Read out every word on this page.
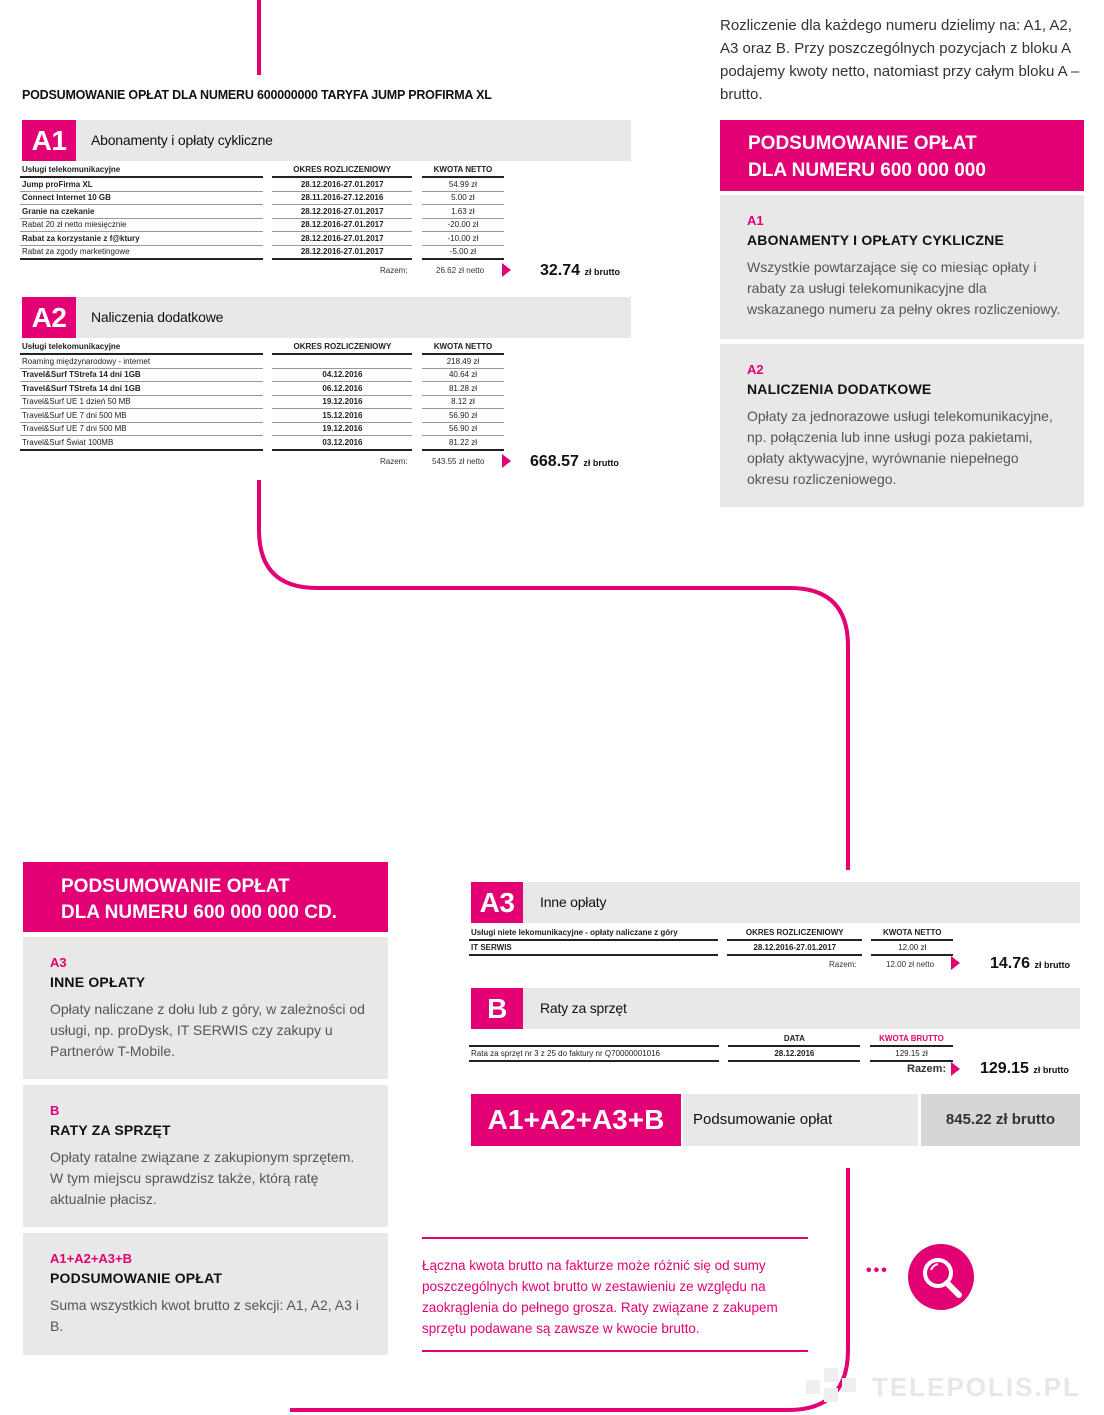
Rozliczenie dla każdego numeru dzielimy na: A1, A2, A3 oraz B. Przy poszczególnych pozycjach z bloku A podajemy kwoty netto, natomiast przy całym bloku A – brutto.
PODSUMOWANIE OPŁAT DLA NUMERU 600000000 TARYFA JUMP PROFIRMA XL
A1	Abonamenty i opłaty cykliczne
Usługi telekomunikacyjne		OKRES ROZLICZENIOWY		KWOTA NETTO
Jump proFirma XL		28.12.2016-27.01.2017		54.99 zł
Connect Internet 10 GB		28.11.2016-27.12.2016		5.00 zł
Granie na czekanie		28.12.2016-27.01.2017		1.63 zł
Rabat 20 zł netto miesięcznie		28.12.2016-27.01.2017		-20.00 zł
Rabat za korzystanie z f@ktury		28.12.2016-27.01.2017		-10.00 zł
Rabat za zgody marketingowe		28.12.2016-27.01.2017		-5.00 zł
Razem:	26.62 zł netto	32.74 zł brutto
A2	Naliczenia dodatkowe
Usługi telekomunikacyjne		OKRES ROZLICZENIOWY		KWOTA NETTO
Roaming międzynarodowy - internet				218.49 zł
Travel&Surf TStrefa 14 dni 1GB		04.12.2016		40.64 zł
Travel&Surf TStrefa 14 dni 1GB		06.12.2016		81.28 zł
Travel&Surf UE 1 dzień 50 MB		19.12.2016		8.12 zł
Travel&Surf UE 7 dni 500 MB		15.12.2016		56.90 zł
Travel&Surf UE 7 dni 500 MB		19.12.2016		56.90 zł
Travel&Surf Świat 100MB		03.12.2016		81.22 zł
Razem:	543.55 zł netto	668.57 zł brutto
PODSUMOWANIE OPŁAT
DLA NUMERU 600 000 000
A1
ABONAMENTY I OPŁATY CYKLICZNE
Wszystkie powtarzające się co miesiąc opłaty i rabaty za usługi telekomunikacyjne dla wskazanego numeru za pełny okres rozliczeniowy.
A2
NALICZENIA DODATKOWE
Opłaty za jednorazowe usługi telekomunikacyjne, np. połączenia lub inne usługi poza pakietami, opłaty aktywacyjne, wyrównanie niepełnego okresu rozliczeniowego.
PODSUMOWANIE OPŁAT
DLA NUMERU 600 000 000 CD.
A3
INNE OPŁATY
Opłaty naliczane z dołu lub z góry, w zależności od usługi, np. proDysk, IT SERWIS czy zakupy u Partnerów T-Mobile.
B
RATY ZA SPRZĘT
Opłaty ratalne związane z zakupionym sprzętem. W tym miejscu sprawdzisz także, którą ratę aktualnie płacisz.
A1+A2+A3+B
PODSUMOWANIE OPŁAT
Suma wszystkich kwot brutto z sekcji: A1, A2, A3 i B.
A3	Inne opłaty
Usługi niete lekomunikacyjne - opłaty naliczane z góry		OKRES ROZLICZENIOWY		KWOTA NETTO
IT SERWIS		28.12.2016-27.01.2017		12.00 zł
Razem:	12.00 zł netto	14.76 zł brutto
B	Raty za sprzęt
		DATA		KWOTA BRUTTO
Rata za sprzęt nr 3 z 25 do faktury nr Q70000001016		28.12.2016		129.15 zł
Razem: 129.15 zł brutto
A1+A2+A3+B	Podsumowanie opłat	845.22 zł brutto
Łączna kwota brutto na fakturze może różnić się od sumy poszczególnych kwot brutto w zestawieniu ze względu na zaokrąglenia do pełnego grosza. Raty związane z zakupem sprzętu podawane są zawsze w kwocie brutto.
•••
TELEPOLIS.PL
